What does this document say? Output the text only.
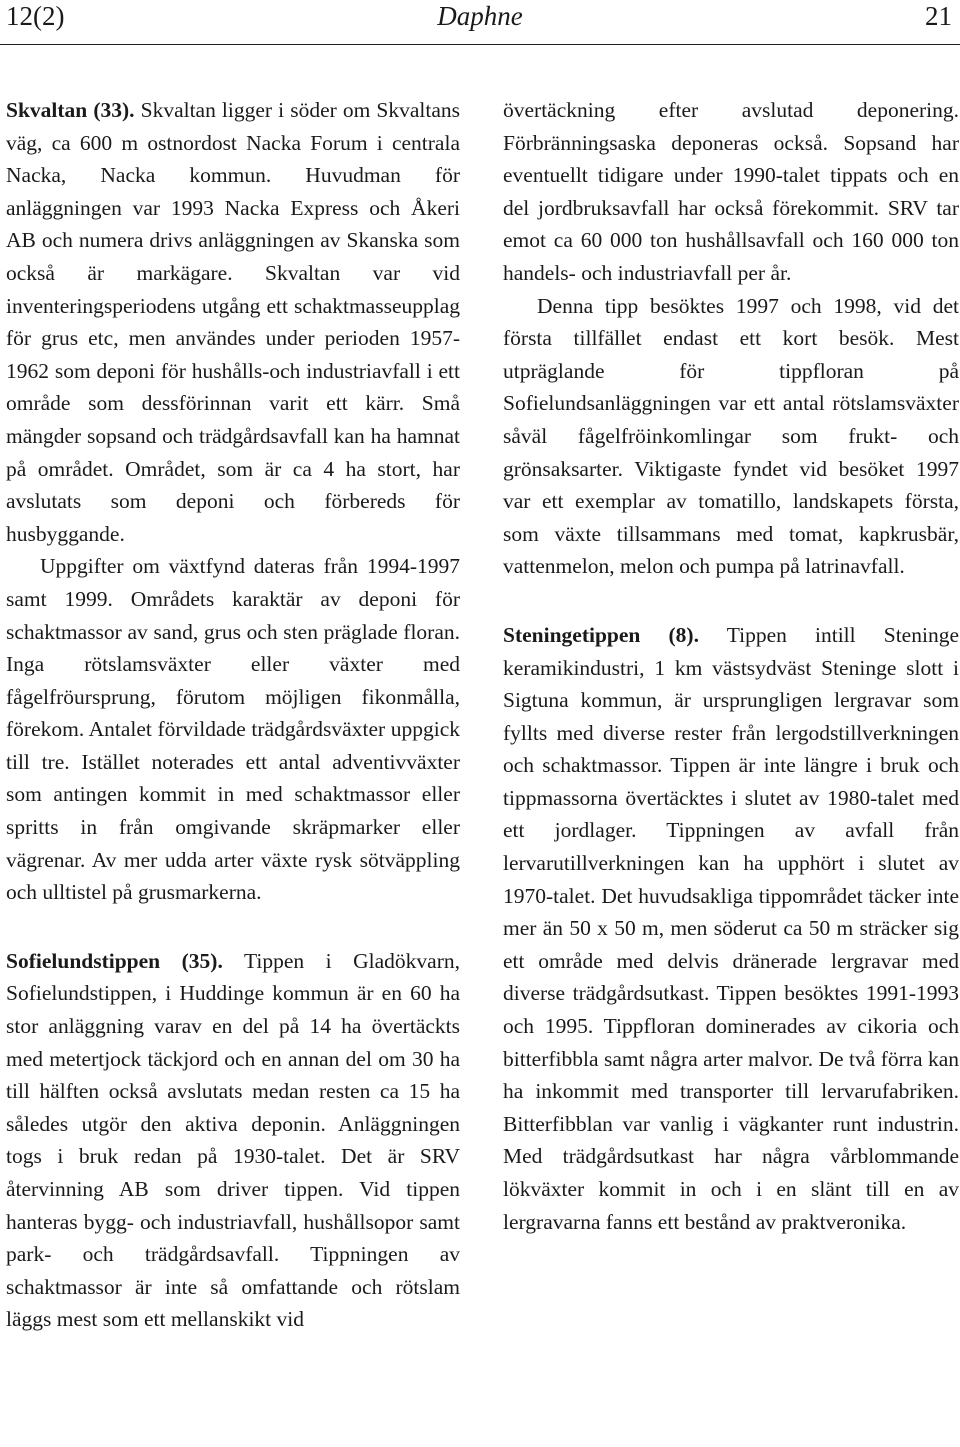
12(2)	Daphne	21

Skvaltan (33). Skvaltan ligger i söder om Skvaltans väg, ca 600 m ostnordost Nacka Forum i centrala Nacka, Nacka kommun. Huvudman för anläggningen var 1993 Nacka Express och Åkeri AB och numera drivs anläggningen av Skanska som också är markägare. Skvaltan var vid inventeringsperiodens utgång ett schaktmasseupplag för grus etc, men användes under perioden 1957-1962 som deponi för hushålls-och industriavfall i ett område som dessförinnan varit ett kärr. Små mängder sopsand och trädgårdsavfall kan ha hamnat på området. Området, som är ca 4 ha stort, har avslutats som deponi och förbereds för husbyggande.

Uppgifter om växtfynd dateras från 1994-1997 samt 1999. Områdets karaktär av deponi för schaktmassor av sand, grus och sten präglade floran. Inga rötslamsväxter eller växter med fågelfröursprung, förutom möjligen fikonmålla, förekom. Antalet förvildade trädgårdsväxter uppgick till tre. Istället noterades ett antal adventivväxter som antingen kommit in med schaktmassor eller spritts in från omgivande skräpmarker eller vägrenar. Av mer udda arter växte rysk sötväppling och ulltistel på grusmarkerna.

Sofielundstippen (35). Tippen i Gladökvarn, Sofielundstippen, i Huddinge kommun är en 60 ha stor anläggning varav en del på 14 ha övertäckts med metertjock täckjord och en annan del om 30 ha till hälften också avslutats medan resten ca 15 ha således utgör den aktiva deponin. Anläggningen togs i bruk redan på 1930-talet. Det är SRV återvinning AB som driver tippen. Vid tippen hanteras bygg- och industriavfall, hushållsopor samt park- och trädgårdsavfall. Tippningen av schaktmassor är inte så omfattande och rötslam läggs mest som ett mellanskikt vid

övertäckning efter avslutad deponering. Förbränningsaska deponeras också. Sopsand har eventuellt tidigare under 1990-talet tippats och en del jordbruksavfall har också förekommit. SRV tar emot ca 60 000 ton hushållsavfall och 160 000 ton handels- och industriavfall per år.

Denna tipp besöktes 1997 och 1998, vid det första tillfället endast ett kort besök. Mest utpräglande för tippfloran på Sofielundsanläggningen var ett antal rötslamsväxter såväl fågelfröinkomlingar som frukt- och grönsaksarter. Viktigaste fyndet vid besöket 1997 var ett exemplar av tomatillo, landskapets första, som växte tillsammans med tomat, kapkrusbär, vattenmelon, melon och pumpa på latrinavfall.

Steningetippen (8). Tippen intill Steninge keramikindustri, 1 km västsydväst Steninge slott i Sigtuna kommun, är ursprungligen lergravar som fyllts med diverse rester från lergodstillverkningen och schaktmassor. Tippen är inte längre i bruk och tippmassorna övertäcktes i slutet av 1980-talet med ett jordlager. Tippningen av avfall från lervarutillverkningen kan ha upphört i slutet av 1970-talet. Det huvudsakliga tippområdet täcker inte mer än 50 x 50 m, men söderut ca 50 m sträcker sig ett område med delvis dränerade lergravar med diverse trädgårdsutkast. Tippen besöktes 1991-1993 och 1995. Tippfloran dominerades av cikoria och bitterfibbla samt några arter malvor. De två förra kan ha inkommit med transporter till lervarufabriken. Bitterfibblan var vanlig i vägkanter runt industrin. Med trädgårdsutkast har några vårblommande lökväxter kommit in och i en slänt till en av lergravarna fanns ett bestånd av praktveronika.
